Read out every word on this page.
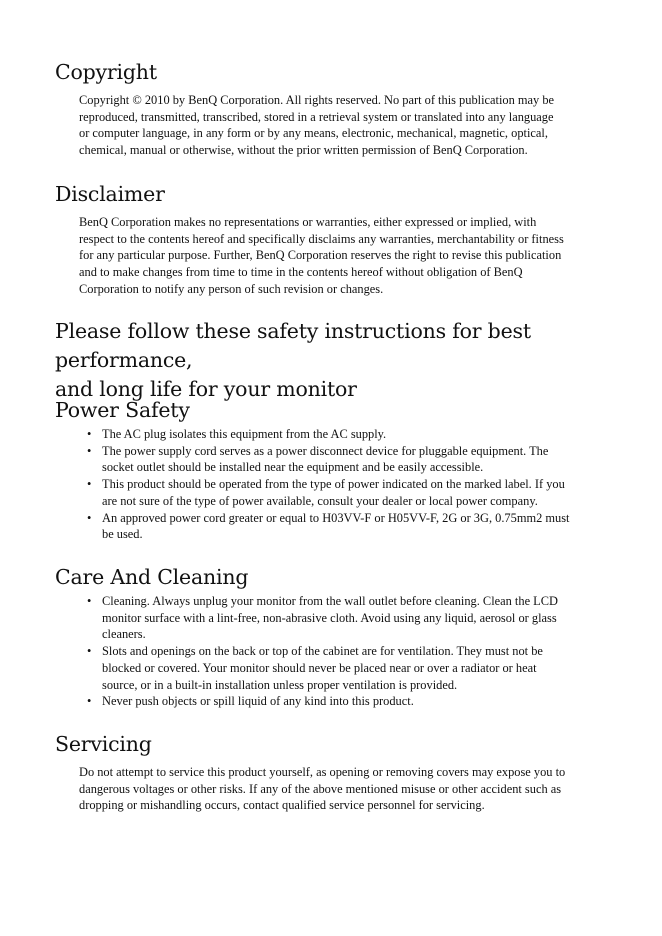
Copyright

Copyright © 2010 by BenQ Corporation. All rights reserved. No part of this publication may be
reproduced, transmitted, transcribed, stored in a retrieval system or translated into any language
or computer language, in any form or by any means, electronic, mechanical, magnetic, optical,
chemical, manual or otherwise, without the prior written permission of BenQ Corporation.

Disclaimer

BenQ Corporation makes no representations or warranties, either expressed or implied, with
respect to the contents hereof and specifically disclaims any warranties, merchantability or fitness
for any particular purpose. Further, BenQ Corporation reserves the right to revise this publication
and to make changes from time to time in the contents hereof without obligation of BenQ
Corporation to notify any person of such revision or changes.

Please follow these safety instructions for best performance,
and long life for your monitor
Power Safety
• The AC plug isolates this equipment from the AC supply.
• The power supply cord serves as a power disconnect device for pluggable equipment. The
socket outlet should be installed near the equipment and be easily accessible.
• This product should be operated from the type of power indicated on the marked label. If you
are not sure of the type of power available, consult your dealer or local power company.
• An approved power cord greater or equal to H03VV-F or H05VV-F, 2G or 3G, 0.75mm2 must
be used.
Care And Cleaning
• Cleaning. Always unplug your monitor from the wall outlet before cleaning. Clean the LCD
monitor surface with a lint-free, non-abrasive cloth. Avoid using any liquid, aerosol or glass
cleaners.
• Slots and openings on the back or top of the cabinet are for ventilation. They must not be
blocked or covered. Your monitor should never be placed near or over a radiator or heat
source, or in a built-in installation unless proper ventilation is provided.
• Never push objects or spill liquid of any kind into this product.
Servicing

Do not attempt to service this product yourself, as opening or removing covers may expose you to
dangerous voltages or other risks. If any of the above mentioned misuse or other accident such as
dropping or mishandling occurs, contact qualified service personnel for servicing.
